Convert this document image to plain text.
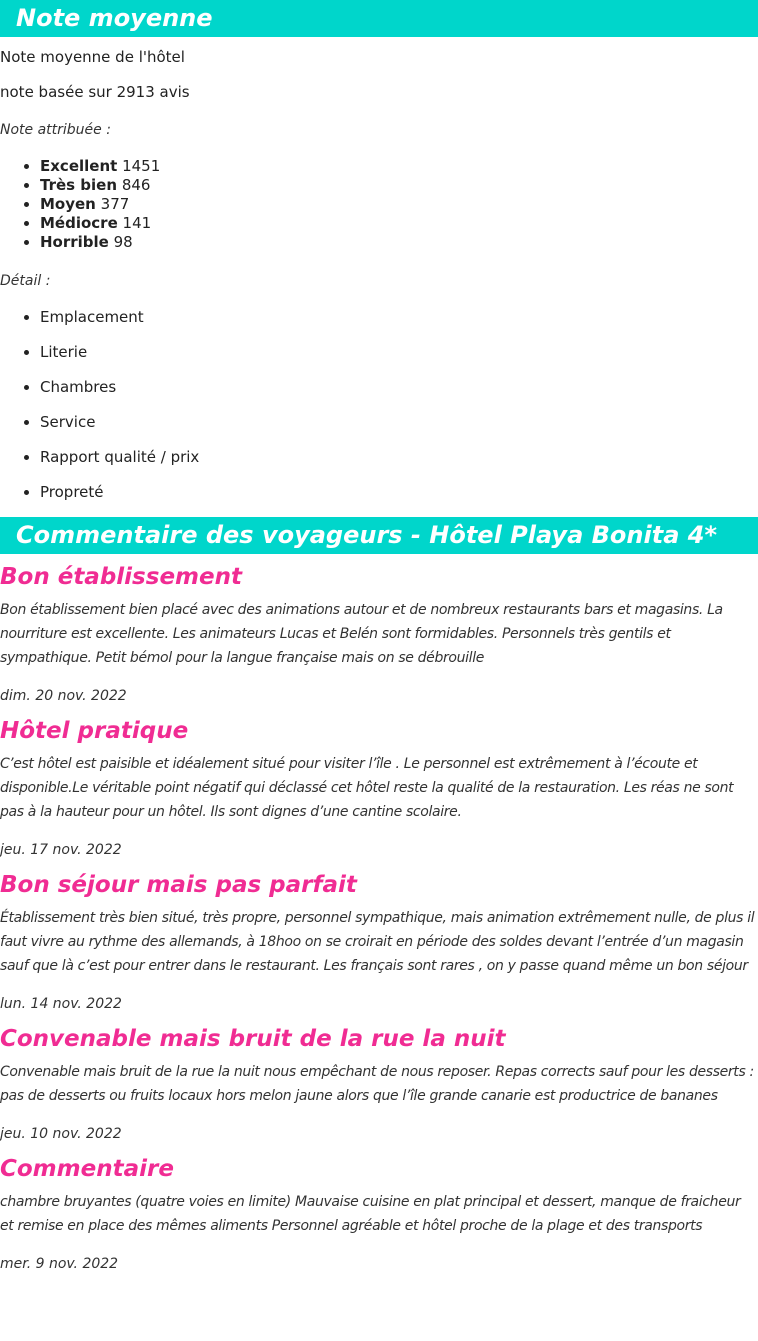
Note moyenne

Note moyenne de l'hôtel

note basée sur 2913 avis

Note attribuée :

• Excellent 1451
• Très bien 846
• Moyen 377
• Médiocre 141
• Horrible 98

Détail :

• Emplacement
• Literie
• Chambres
• Service
• Rapport qualité / prix
• Propreté
Commentaire des voyageurs - Hôtel Playa Bonita 4*
Bon établissement

Bon établissement bien placé avec des animations autour et de nombreux restaurants bars et magasins. La nourriture est excellente. Les animateurs Lucas et Belén sont formidables. Personnels très gentils et sympathique. Petit bémol pour la langue française mais on se débrouille

dim. 20 nov. 2022

Hôtel pratique

C’est hôtel est paisible et idéalement situé pour visiter l’île . Le personnel est extrêmement à l’écoute et disponible.Le véritable point négatif qui déclassé cet hôtel reste la qualité de la restauration. Les réas ne sont pas à la hauteur pour un hôtel. Ils sont dignes d’une cantine scolaire.

jeu. 17 nov. 2022

Bon séjour mais pas parfait

Établissement très bien situé, très propre, personnel sympathique, mais animation extrêmement nulle, de plus il faut vivre au rythme des allemands, à 18hoo on se croirait en période des soldes devant l’entrée d’un magasin sauf que là c’est pour entrer dans le restaurant. Les français sont rares , on y passe quand même un bon séjour

lun. 14 nov. 2022

Convenable mais bruit de la rue la nuit

Convenable mais bruit de la rue la nuit nous empêchant de nous reposer. Repas corrects sauf pour les desserts : pas de desserts ou fruits locaux hors melon jaune alors que l’île grande canarie est productrice de bananes

jeu. 10 nov. 2022

Commentaire

chambre bruyantes (quatre voies en limite) Mauvaise cuisine en plat principal et dessert, manque de fraicheur et remise en place des mêmes aliments Personnel agréable et hôtel proche de la plage et des transports

mer. 9 nov. 2022
